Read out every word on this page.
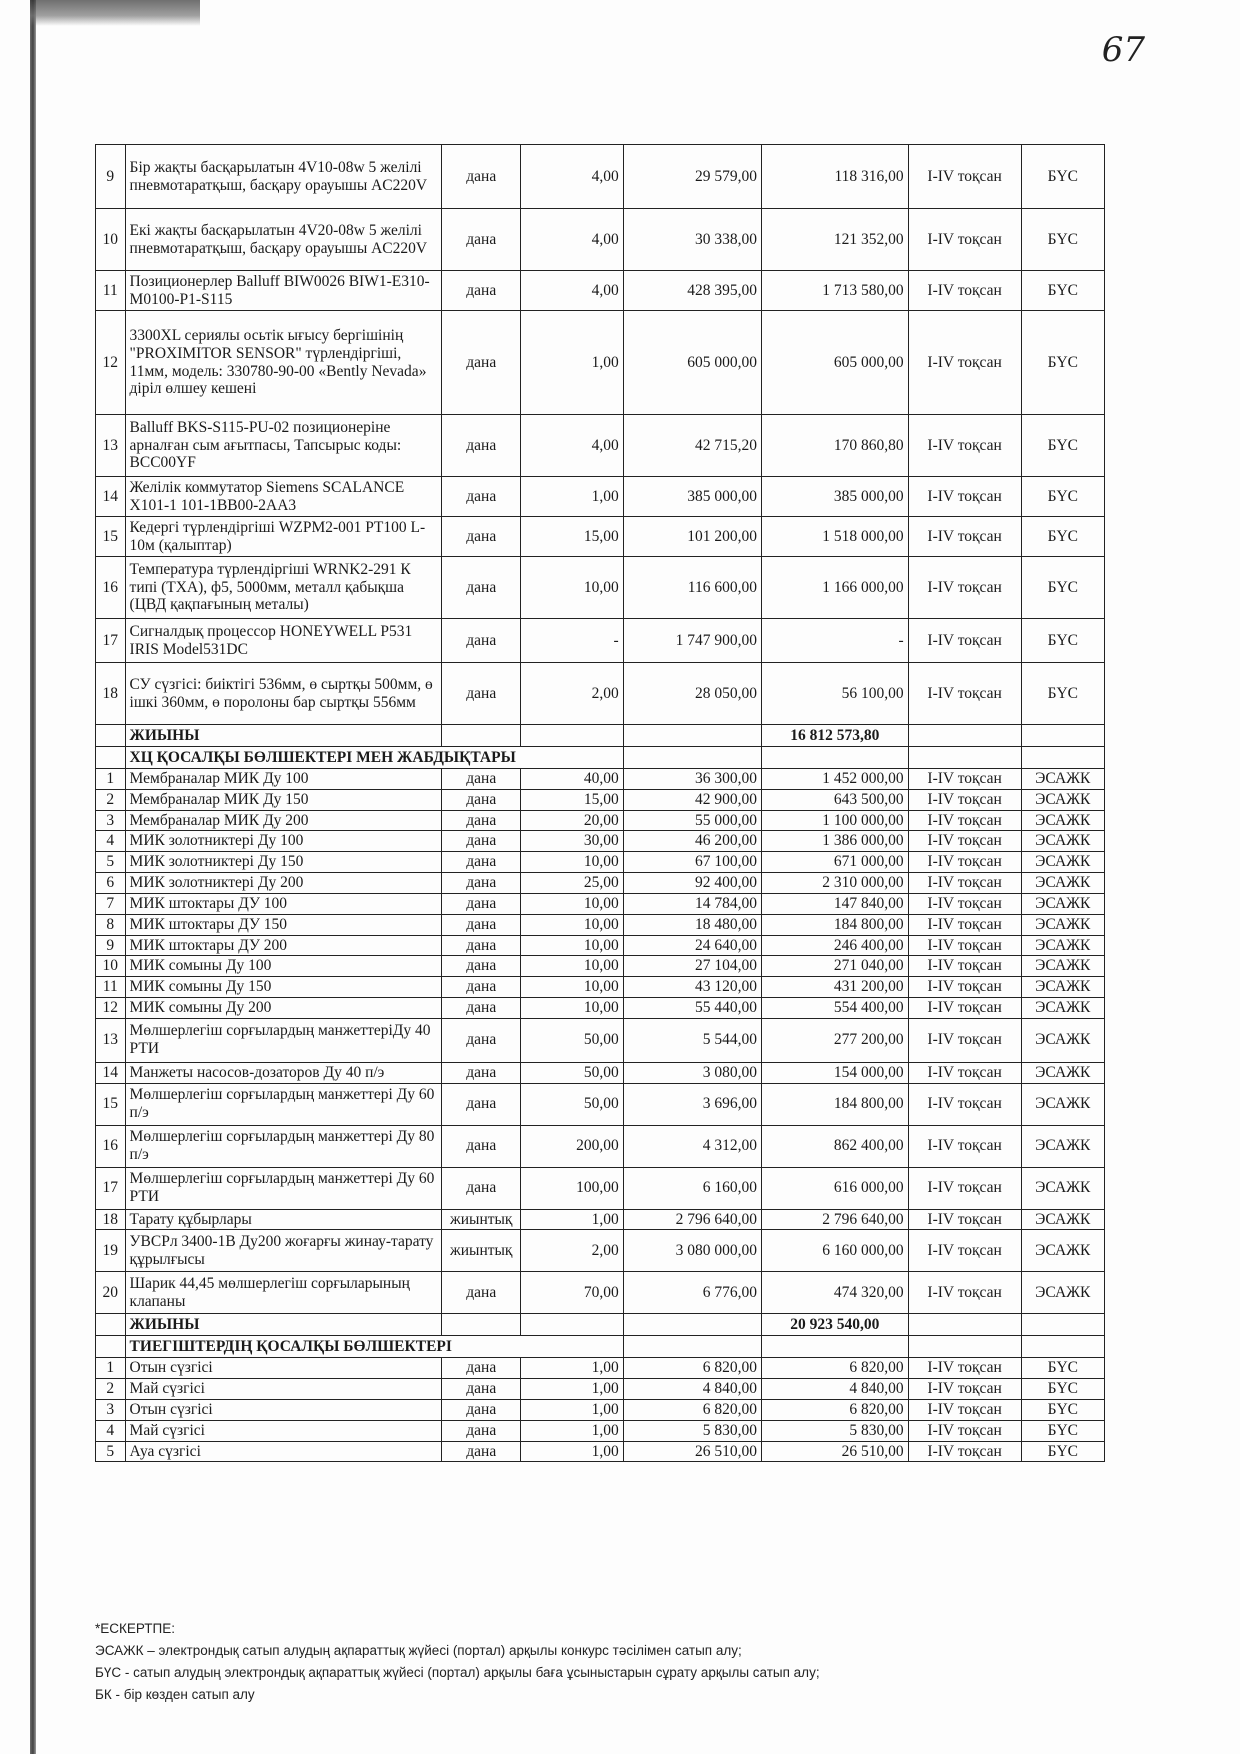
67
9	Бір жақты басқарылатын 4V10-08w 5 желілі пневмотаратқыш, басқару орауышы AC220V	дана	4,00	29 579,00	118 316,00	I-IV тоқсан	БҮС
10	Екі жақты басқарылатын 4V20-08w 5 желілі пневмотаратқыш, басқару орауышы AC220V	дана	4,00	30 338,00	121 352,00	I-IV тоқсан	БҮС
11	Позиционерлер Balluff BIW0026 BIW1-E310-M0100-P1-S115	дана	4,00	428 395,00	1 713 580,00	I-IV тоқсан	БҮС
12	3300XL сериялы осьтік ығысу бергішінің "PROXIMITOR SENSOR" түрлендіргіші, 11мм, модель: 330780-90-00 «Bently Nevada» діріл өлшеу кешені	дана	1,00	605 000,00	605 000,00	I-IV тоқсан	БҮС
13	Balluff BKS-S115-PU-02 позиционеріне арналған сым ағытпасы, Тапсырыс коды: BCC00YF	дана	4,00	42 715,20	170 860,80	I-IV тоқсан	БҮС
14	Желілік коммутатор Siemens SCALANCE X101-1 101-1BB00-2AA3	дана	1,00	385 000,00	385 000,00	I-IV тоқсан	БҮС
15	Кедергі түрлендіргіші WZPM2-001 PT100 L-10м (қалыптар)	дана	15,00	101 200,00	1 518 000,00	I-IV тоқсан	БҮС
16	Температура түрлендіргіші WRNK2-291 К типі (ТХА), ф5, 5000мм, металл қабықша (ЦВД қақпағының металы)	дана	10,00	116 600,00	1 166 000,00	I-IV тоқсан	БҮС
17	Сигналдық процессор HONEYWELL P531 IRIS Model531DC	дана	-	1 747 900,00	-	I-IV тоқсан	БҮС
18	СУ сүзгісі: биіктігі 536мм, ө сыртқы 500мм, ө ішкі 360мм, ө поролоны бар сыртқы 556мм	дана	2,00	28 050,00	56 100,00	I-IV тоқсан	БҮС
	ЖИЫНЫ				16 812 573,80		
	ХЦ ҚОСАЛҚЫ БӨЛШЕКТЕРІ МЕН ЖАБДЫҚТАРЫ						
1	Мембраналар МИК Ду 100	дана	40,00	36 300,00	1 452 000,00	I-IV тоқсан	ЭСАЖК
2	Мембраналар МИК Ду 150	дана	15,00	42 900,00	643 500,00	I-IV тоқсан	ЭСАЖК
3	Мембраналар МИК Ду 200	дана	20,00	55 000,00	1 100 000,00	I-IV тоқсан	ЭСАЖК
4	МИК золотниктері Ду 100	дана	30,00	46 200,00	1 386 000,00	I-IV тоқсан	ЭСАЖК
5	МИК золотниктері Ду 150	дана	10,00	67 100,00	671 000,00	I-IV тоқсан	ЭСАЖК
6	МИК золотниктері Ду 200	дана	25,00	92 400,00	2 310 000,00	I-IV тоқсан	ЭСАЖК
7	МИК штоктары ДУ 100	дана	10,00	14 784,00	147 840,00	I-IV тоқсан	ЭСАЖК
8	МИК штоктары ДУ 150	дана	10,00	18 480,00	184 800,00	I-IV тоқсан	ЭСАЖК
9	МИК штоктары ДУ 200	дана	10,00	24 640,00	246 400,00	I-IV тоқсан	ЭСАЖК
10	МИК сомыны Ду 100	дана	10,00	27 104,00	271 040,00	I-IV тоқсан	ЭСАЖК
11	МИК сомыны Ду 150	дана	10,00	43 120,00	431 200,00	I-IV тоқсан	ЭСАЖК
12	МИК сомыны Ду 200	дана	10,00	55 440,00	554 400,00	I-IV тоқсан	ЭСАЖК
13	Мөлшерлегіш сорғылардың манжеттеріДу 40 РТИ	дана	50,00	5 544,00	277 200,00	I-IV тоқсан	ЭСАЖК
14	Манжеты насосов-дозаторов Ду 40 п/э	дана	50,00	3 080,00	154 000,00	I-IV тоқсан	ЭСАЖК
15	Мөлшерлегіш сорғылардың манжеттері Ду 60 п/э	дана	50,00	3 696,00	184 800,00	I-IV тоқсан	ЭСАЖК
16	Мөлшерлегіш сорғылардың манжеттері Ду 80 п/э	дана	200,00	4 312,00	862 400,00	I-IV тоқсан	ЭСАЖК
17	Мөлшерлегіш сорғылардың манжеттері Ду 60 РТИ	дана	100,00	6 160,00	616 000,00	I-IV тоқсан	ЭСАЖК
18	Тарату құбырлары	жиынтық	1,00	2 796 640,00	2 796 640,00	I-IV тоқсан	ЭСАЖК
19	УВСРл 3400-1В Ду200 жоғарғы жинау-тарату құрылғысы	жиынтық	2,00	3 080 000,00	6 160 000,00	I-IV тоқсан	ЭСАЖК
20	Шарик 44,45 мөлшерлегіш сорғыларының клапаны	дана	70,00	6 776,00	474 320,00	I-IV тоқсан	ЭСАЖК
	ЖИЫНЫ				20 923 540,00		
	ТИЕГІШТЕРДІҢ ҚОСАЛҚЫ БӨЛШЕКТЕРІ						
1	Отын сүзгісі	дана	1,00	6 820,00	6 820,00	I-IV тоқсан	БҮС
2	Май сүзгісі	дана	1,00	4 840,00	4 840,00	I-IV тоқсан	БҮС
3	Отын сүзгісі	дана	1,00	6 820,00	6 820,00	I-IV тоқсан	БҮС
4	Май сүзгісі	дана	1,00	5 830,00	5 830,00	I-IV тоқсан	БҮС
5	Ауа сүзгісі	дана	1,00	26 510,00	26 510,00	I-IV тоқсан	БҮС
*ЕСКЕРТПЕ:
ЭСАЖК – электрондық сатып алудың ақпараттық жүйесі (портал) арқылы конкурс тәсілімен сатып алу;
БҮС - сатып алудың электрондық ақпараттық жүйесі (портал) арқылы баға ұсыныстарын сұрату арқылы сатып алу;
БК - бір көзден сатып алу
